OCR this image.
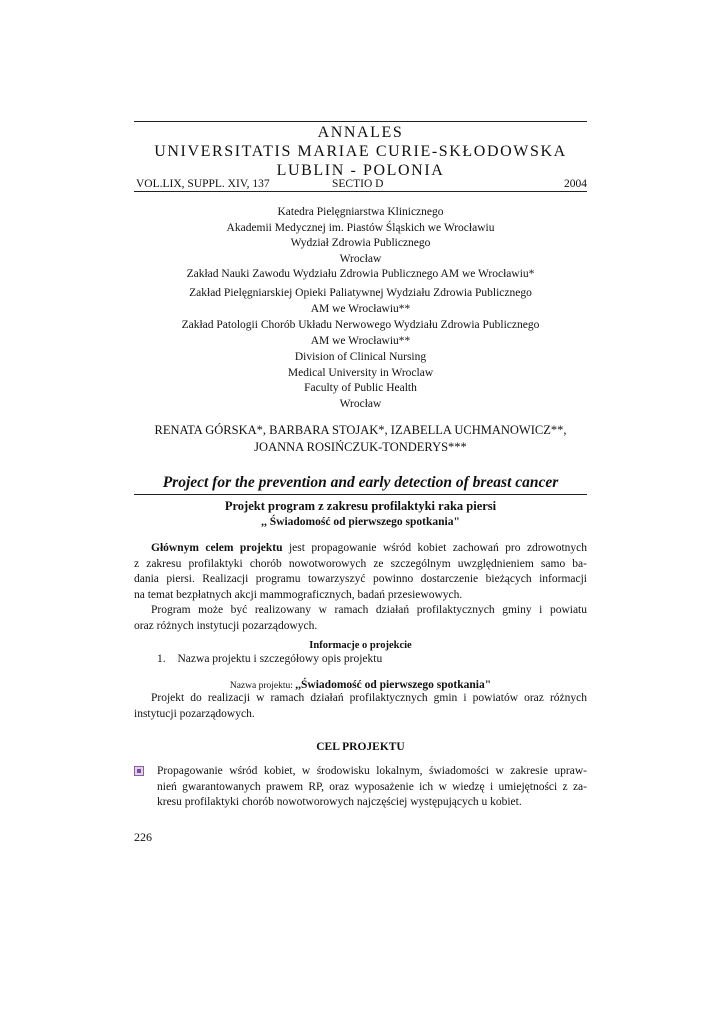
ANNALES
UNIVERSITATIS MARIAE CURIE-SKŁODOWSKA
LUBLIN - POLONIA
VOL.LIX, SUPPL. XIV, 137	SECTIO D	2004
Katedra Pielęgniarstwa Klinicznego
Akademii Medycznej im. Piastów Śląskich we Wrocławiu
Wydział Zdrowia Publicznego
Wrocław
Zakład Nauki Zawodu Wydziału Zdrowia Publicznego AM we Wrocławiu*
Zakład Pielęgniarskiej Opieki Paliatywnej Wydziału Zdrowia Publicznego
AM we Wrocławiu**
Zakład Patologii Chorób Układu Nerwowego Wydziału Zdrowia Publicznego
AM we Wrocławiu**
Division of Clinical Nursing
Medical University in Wroclaw
Faculty of Public Health
Wrocław
RENATA GÓRSKA*, BARBARA STOJAK*, IZABELLA UCHMANOWICZ**,
JOANNA ROSIŃCZUK-TONDERYS***
Project for the prevention and early detection of breast cancer
Projekt program z zakresu profilaktyki raka piersi
,, Świadomość od pierwszego spotkania"
Głównym celem projektu jest propagowanie wśród kobiet zachowań pro zdrowotnych
z zakresu profilaktyki chorób nowotworowych ze szczególnym uwzględnieniem samo ba-
dania piersi. Realizacji programu towarzyszyć powinno dostarczenie bieżących informacji
na temat bezpłatnych akcji mammograficznych, badań przesiewowych.
Program może być realizowany w ramach działań profilaktycznych gminy i powiatu
oraz różnych instytucji pozarządowych.
Informacje o projekcie
1. Nazwa projektu i szczegółowy opis projektu
Nazwa projektu: ,,Świadomość od pierwszego spotkania"
Projekt do realizacji w ramach działań profilaktycznych gmin i powiatów oraz różnych
instytucji pozarządowych.
CEL PROJEKTU
Propagowanie wśród kobiet, w środowisku lokalnym, świadomości w zakresie upraw-
nień gwarantowanych prawem RP, oraz wyposażenie ich w wiedzę i umiejętności z za-
kresu profilaktyki chorób nowotworowych najczęściej występujących u kobiet.
226
